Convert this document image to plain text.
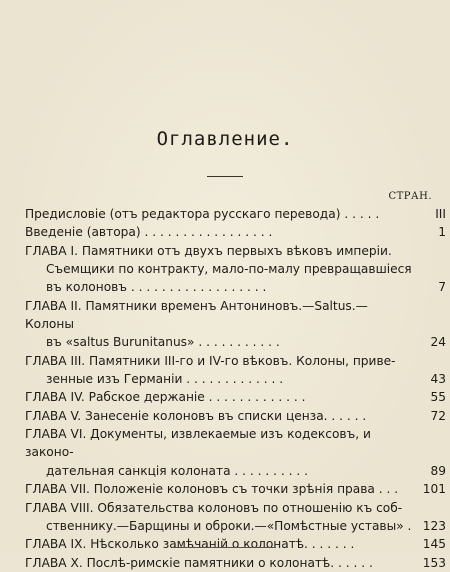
Оглавление.
СТРАН.
Предисловiе (отъ редактора русскаго перевода) . . . . .	III
Введенiе (автора) . . . . . . . . . . . . . . . . .	1
ГЛАВА I. Памятники отъ двухъ первыхъ вѣковъ имперiи.
Съемщики по контракту, мало-по-малу превращавшiеся
въ колоновъ . . . . . . . . . . . . . . . . . .	7
ГЛАВА II. Памятники временъ Антониновъ.—Saltus.—Колоны
въ «saltus Burunitanus» . . . . . . . . . . .	24
ГЛАВА III. Памятники III-го и IV-го вѣковъ. Колоны, приве-
зенные изъ Германiи . . . . . . . . . . . . .	43
ГЛАВА IV. Рабское держанiе . . . . . . . . . . . . .	55
ГЛАВА V. Занесенiе колоновъ въ списки ценза. . . . . .	72
ГЛАВА VI. Документы, извлекаемые изъ кодексовъ, и законо-
дательная санкцiя колоната . . . . . . . . . .	89
ГЛАВА VII. Положенiе колоновъ съ точки зрѣнiя права . . .	101
ГЛАВА VIII. Обязательства колоновъ по отношенiю къ соб-
ственнику.—Барщины и оброки.—«Помѣстные уставы» . 123
ГЛАВА IX. Нѣсколько замѣчанiй о колонатѣ. . . . . . .	145
ГЛАВА X. Послѣ-римскiе памятники о колонатѣ. . . . . .	153
